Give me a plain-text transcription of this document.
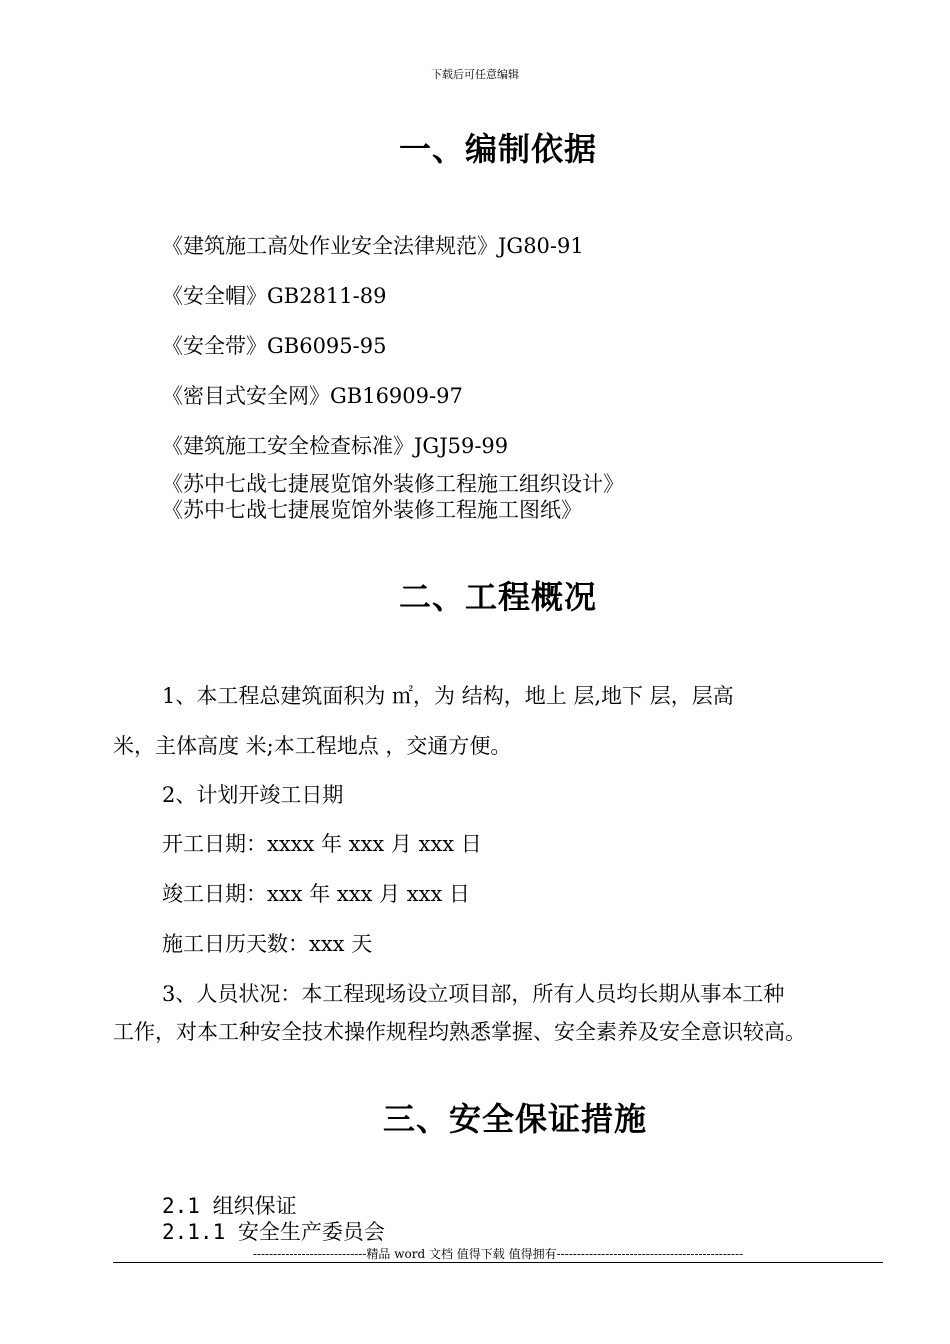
下载后可任意编辑
一、编制依据
《建筑施工高处作业安全法律规范》JG80-91
《安全帽》GB2811-89
《安全带》GB6095-95
《密目式安全网》GB16909-97
《建筑施工安全检查标准》JGJ59-99
《苏中七战七捷展览馆外装修工程施工组织设计》
《苏中七战七捷展览馆外装修工程施工图纸》
二、工程概况
1、本工程总建筑面积为 ㎡，为 结构，地上 层,地下 层，层高
米，主体高度 米;本工程地点 ，交通方便。
2、计划开竣工日期
开工日期：xxxx 年 xxx 月 xxx 日
竣工日期：xxx 年 xxx 月 xxx 日
施工日历天数：xxx 天
3、人员状况：本工程现场设立项目部，所有人员均长期从事本工种
工作，对本工种安全技术操作规程均熟悉掌握、安全素养及安全意识较高。
三、安全保证措施
2.1 组织保证
2.1.1 安全生产委员会
----------------------------精品 word 文档 值得下载 值得拥有----------------------------------------------
